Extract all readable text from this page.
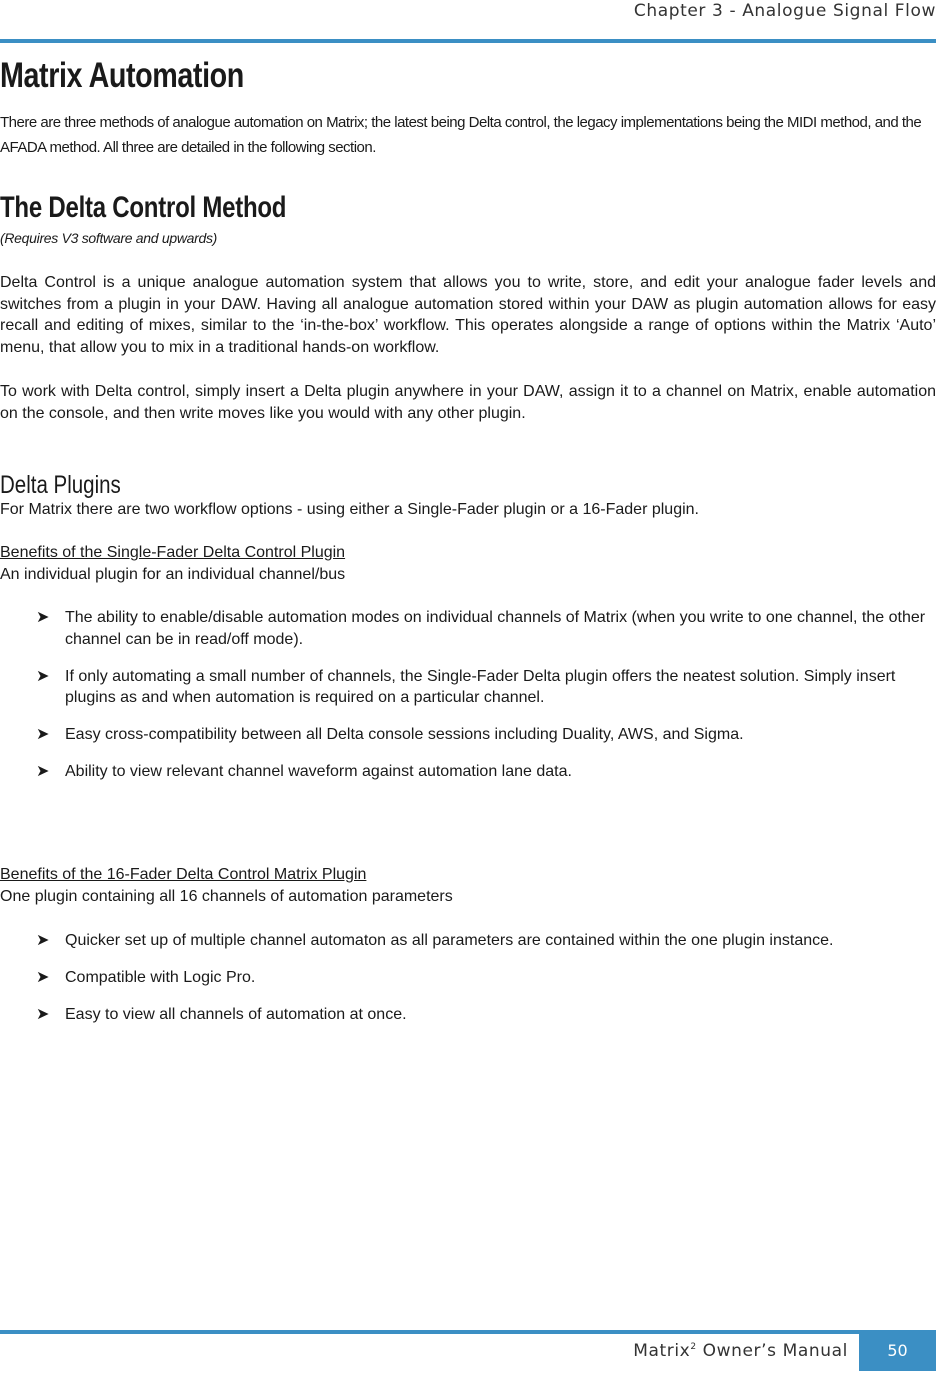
Chapter 3 - Analogue Signal Flow
Matrix Automation
There are three methods of analogue automation on Matrix; the latest being Delta control, the legacy implementations being the MIDI method, and the AFADA method. All three are detailed in the following section.
The Delta Control Method
(Requires V3 software and upwards)
Delta Control is a unique analogue automation system that allows you to write, store, and edit your analogue fader levels and switches from a plugin in your DAW. Having all analogue automation stored within your DAW as plugin automation allows for easy recall and editing of mixes, similar to the ‘in-the-box’ workflow. This operates alongside a range of options within the Matrix ‘Auto’ menu, that allow you to mix in a traditional hands-on workflow.
To work with Delta control, simply insert a Delta plugin anywhere in your DAW, assign it to a channel on Matrix, enable automation on the console, and then write moves like you would with any other plugin.
Delta Plugins
For Matrix there are two workflow options - using either a Single-Fader plugin or a 16-Fader plugin.
Benefits of the Single-Fader Delta Control Plugin
An individual plugin for an individual channel/bus
➤ The ability to enable/disable automation modes on individual channels of Matrix (when you write to one channel, the other channel can be in read/off mode).
➤ If only automating a small number of channels, the Single-Fader Delta plugin offers the neatest solution. Simply insert plugins as and when automation is required on a particular channel.
➤ Easy cross-compatibility between all Delta console sessions including Duality, AWS, and Sigma.
➤ Ability to view relevant channel waveform against automation lane data.
Benefits of the 16-Fader Delta Control Matrix Plugin
One plugin containing all 16 channels of automation parameters
➤ Quicker set up of multiple channel automaton as all parameters are contained within the one plugin instance.
➤ Compatible with Logic Pro.
➤ Easy to view all channels of automation at once.
Matrix$^2$ Owner’s Manual	50
